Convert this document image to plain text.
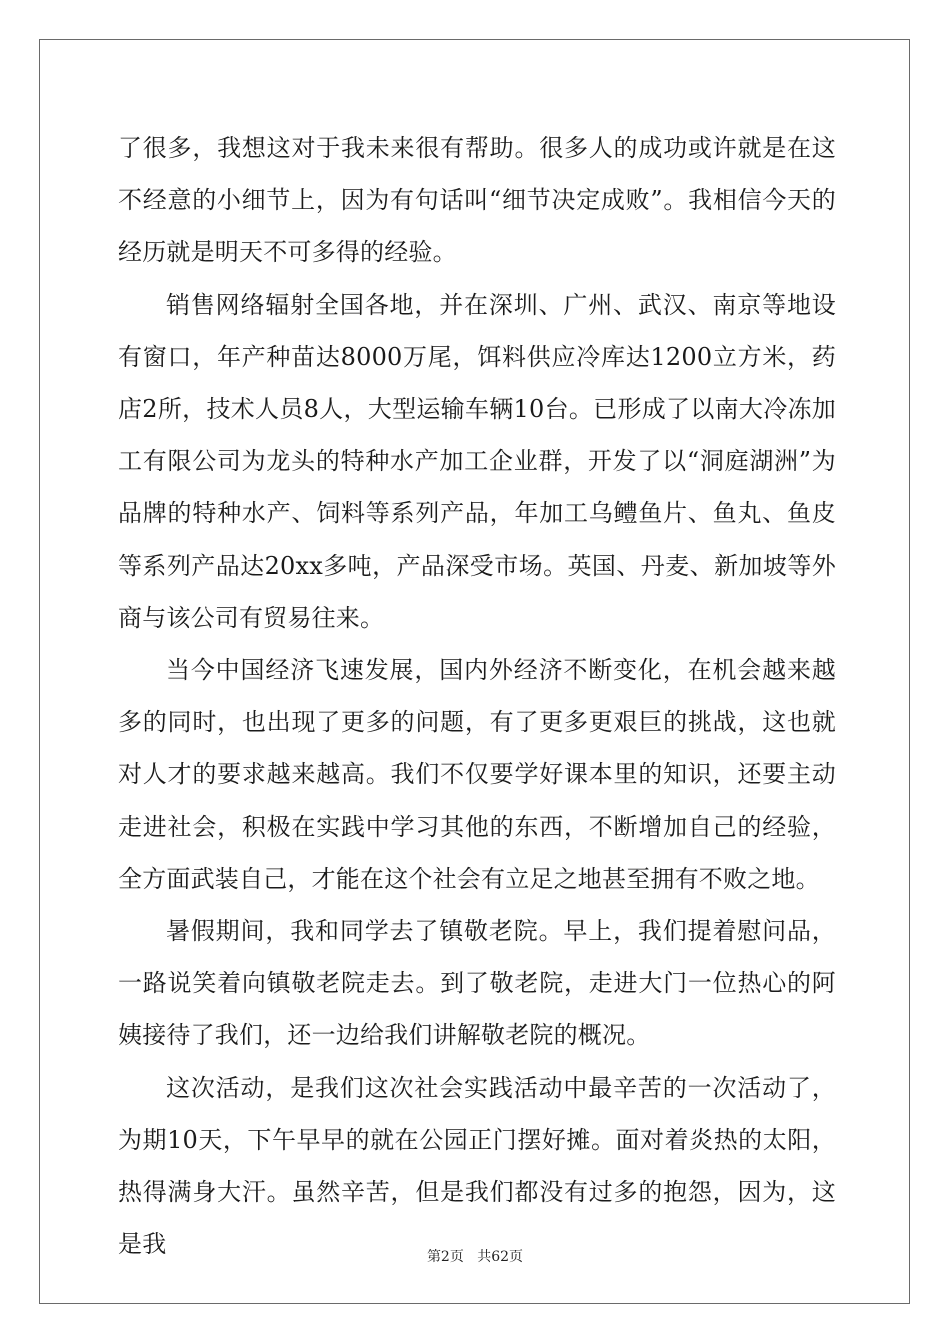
了很多，我想这对于我未来很有帮助。很多人的成功或许就是在这不经意的小细节上，因为有句话叫“细节决定成败”。我相信今天的经历就是明天不可多得的经验。

销售网络辐射全国各地，并在深圳、广州、武汉、南京等地设有窗口，年产种苗达8000万尾，饵料供应冷库达1200立方米，药店2所，技术人员8人，大型运输车辆10台。已形成了以南大冷冻加工有限公司为龙头的特种水产加工企业群，开发了以“洞庭湖洲”为品牌的特种水产、饲料等系列产品，年加工乌鳢鱼片、鱼丸、鱼皮等系列产品达20xx多吨，产品深受市场。英国、丹麦、新加坡等外商与该公司有贸易往来。

当今中国经济飞速发展，国内外经济不断变化，在机会越来越多的同时，也出现了更多的问题，有了更多更艰巨的挑战，这也就对人才的要求越来越高。我们不仅要学好课本里的知识，还要主动走进社会，积极在实践中学习其他的东西，不断增加自己的经验，全方面武装自己，才能在这个社会有立足之地甚至拥有不败之地。

暑假期间，我和同学去了镇敬老院。早上，我们提着慰问品，一路说笑着向镇敬老院走去。到了敬老院，走进大门一位热心的阿姨接待了我们，还一边给我们讲解敬老院的概况。

这次活动，是我们这次社会实践活动中最辛苦的一次活动了，为期10天，下午早早的就在公园正门摆好摊。面对着炎热的太阳，热得满身大汗。虽然辛苦，但是我们都没有过多的抱怨，因为，这是我	第2页 共62页
